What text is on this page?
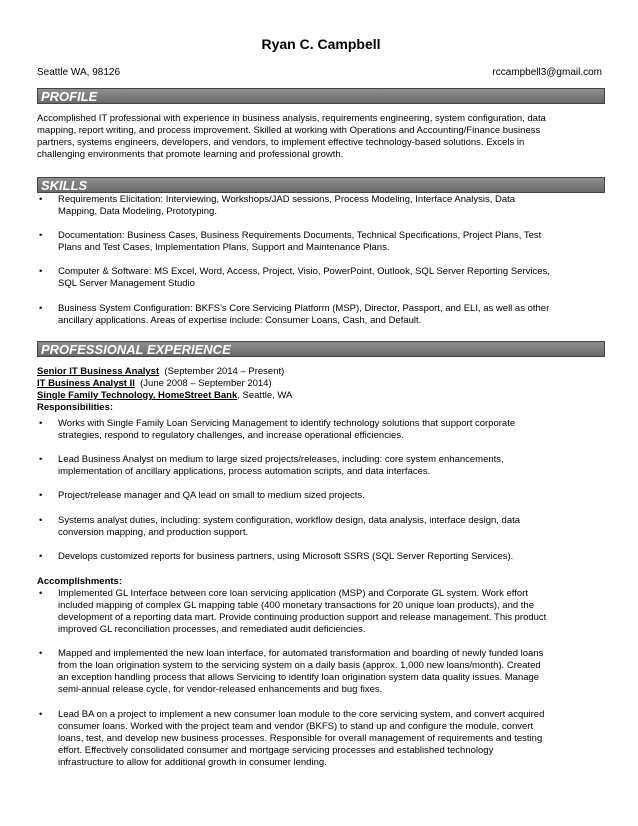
Ryan C. Campbell
Seattle WA, 98126	rccampbell3@gmail.com
PROFILE
Accomplished IT professional with experience in business analysis, requirements engineering, system configuration, data
mapping, report writing, and process improvement. Skilled at working with Operations and Accounting/Finance business
partners, systems engineers, developers, and vendors, to implement effective technology-based solutions. Excels in
challenging environments that promote learning and professional growth.
SKILLS
• Requirements Elicitation: Interviewing, Workshops/JAD sessions, Process Modeling, Interface Analysis, Data
Mapping, Data Modeling, Prototyping.
• Documentation: Business Cases, Business Requirements Documents, Technical Specifications, Project Plans, Test
Plans and Test Cases, Implementation Plans, Support and Maintenance Plans.
• Computer & Software: MS Excel, Word, Access, Project, Visio, PowerPoint, Outlook, SQL Server Reporting Services,
SQL Server Management Studio
• Business System Configuration: BKFS's Core Servicing Platform (MSP), Director, Passport, and ELI, as well as other
ancillary applications. Areas of expertise include: Consumer Loans, Cash, and Default.
PROFESSIONAL EXPERIENCE
Senior IT Business Analyst (September 2014 – Present)
IT Business Analyst II (June 2008 – September 2014)
Single Family Technology, HomeStreet Bank, Seattle, WA
Responsibilities:
• Works with Single Family Loan Servicing Management to identify technology solutions that support corporate
strategies, respond to regulatory challenges, and increase operational efficiencies.
• Lead Business Analyst on medium to large sized projects/releases, including: core system enhancements,
implementation of ancillary applications, process automation scripts, and data interfaces.
• Project/release manager and QA lead on small to medium sized projects.
• Systems analyst duties, including: system configuration, workflow design, data analysis, interface design, data
conversion mapping, and production support.
• Develops customized reports for business partners, using Microsoft SSRS (SQL Server Reporting Services).
Accomplishments:
• Implemented GL Interface between core loan servicing application (MSP) and Corporate GL system. Work effort
included mapping of complex GL mapping table (400 monetary transactions for 20 unique loan products), and the
development of a reporting data mart. Provide continuing production support and release management. This product
improved GL reconciliation processes, and remediated audit deficiencies.
• Mapped and implemented the new loan interface, for automated transformation and boarding of newly funded loans
from the loan origination system to the servicing system on a daily basis (approx. 1,000 new loans/month). Created
an exception handling process that allows Servicing to identify loan origination system data quality issues. Manage
semi-annual release cycle, for vendor-released enhancements and bug fixes.
• Lead BA on a project to implement a new consumer loan module to the core servicing system, and convert acquired
consumer loans. Worked with the project team and vendor (BKFS) to stand up and configure the module, convert
loans, test, and develop new business processes. Responsible for overall management of requirements and testing
effort. Effectively consolidated consumer and mortgage servicing processes and established technology
infrastructure to allow for additional growth in consumer lending.
